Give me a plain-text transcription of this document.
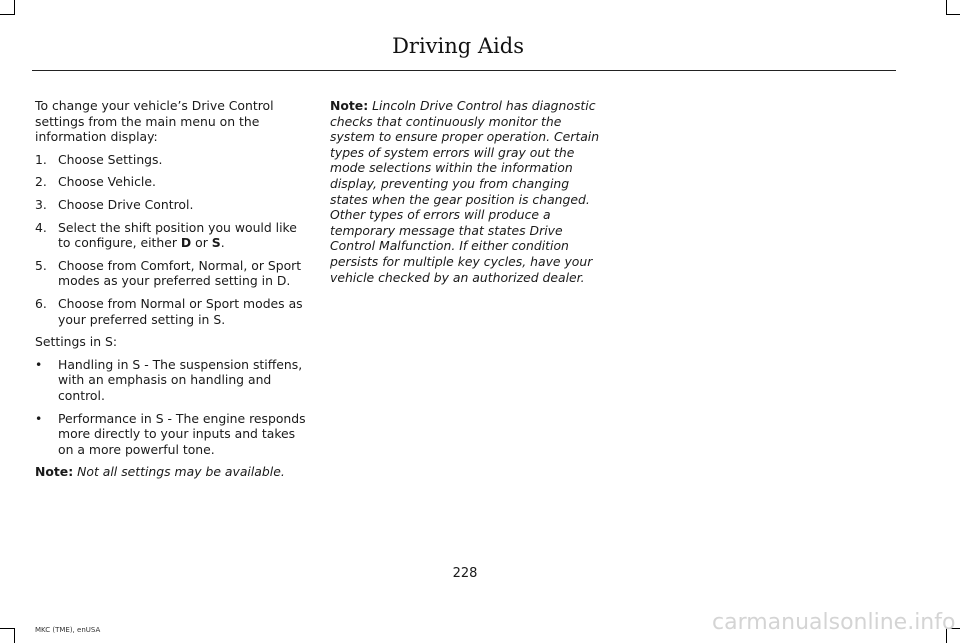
Driving Aids

To change your vehicle’s Drive Control settings from the main menu on the information display:

1. Choose Settings.
2. Choose Vehicle.
3. Choose Drive Control.
4. Select the shift position you would like to configure, either D or S.
5. Choose from Comfort, Normal, or Sport modes as your preferred setting in D.
6. Choose from Normal or Sport modes as your preferred setting in S.

Settings in S:

• Handling in S - The suspension stiffens, with an emphasis on handling and control.
• Performance in S - The engine responds more directly to your inputs and takes on a more powerful tone.

Note: Not all settings may be available.

Note: Lincoln Drive Control has diagnostic checks that continuously monitor the system to ensure proper operation. Certain types of system errors will gray out the mode selections within the information display, preventing you from changing states when the gear position is changed. Other types of errors will produce a temporary message that states Drive Control Malfunction. If either condition persists for multiple key cycles, have your vehicle checked by an authorized dealer.

228
MKC (TME), enUSA	carmanualsonline.info
